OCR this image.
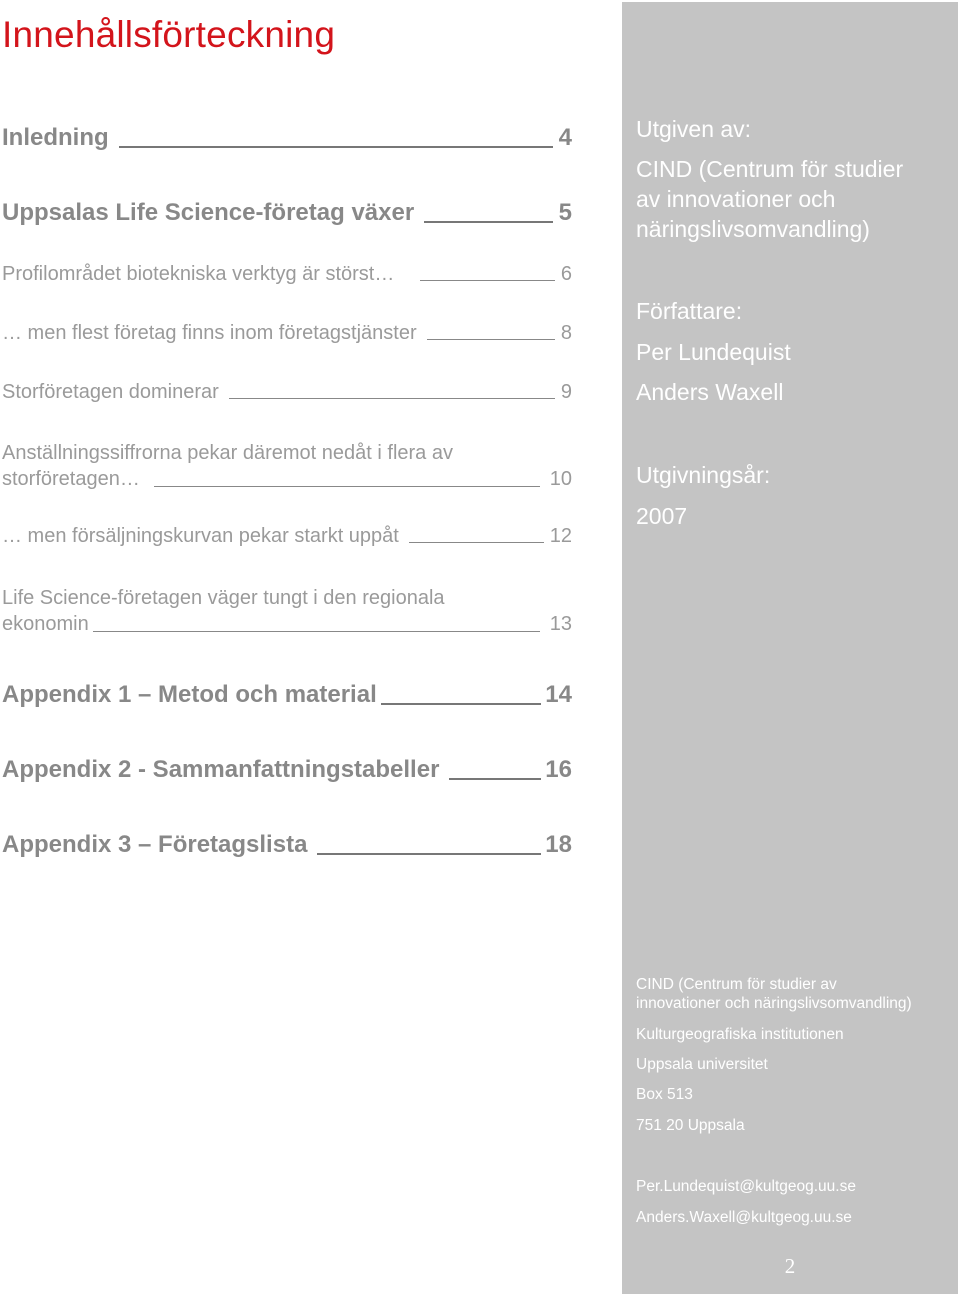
Innehållsförteckning
Inledning	4
Uppsalas Life Science-företag växer	5
Profilområdet biotekniska verktyg är störst…	6
… men flest företag finns inom företagstjänster	8
Storföretagen dominerar	9
Anställningssiffrorna pekar däremot nedåt i flera av
storföretagen…	10
… men försäljningskurvan pekar starkt uppåt	12
Life Science-företagen väger tungt i den regionala
ekonomin	13
Appendix 1 – Metod och material	14
Appendix 2 - Sammanfattningstabeller	16
Appendix 3 – Företagslista	18
Utgiven av:
CIND (Centrum för studier
av innovationer och
näringslivsomvandling)
Författare:
Per Lundequist
Anders Waxell
Utgivningsår:
2007
CIND (Centrum för studier av
innovationer och näringslivsomvandling)
Kulturgeografiska institutionen
Uppsala universitet
Box 513
751 20 Uppsala
Per.Lundequist@kultgeog.uu.se
Anders.Waxell@kultgeog.uu.se
2
